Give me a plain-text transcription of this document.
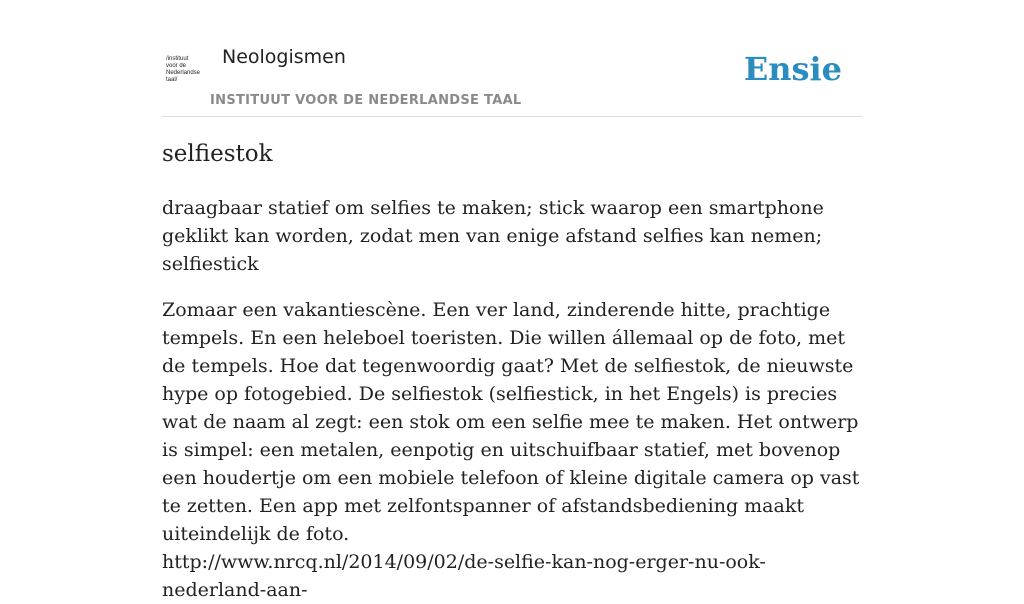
/instituut
voor de
Nederlandse
taal/
Neologismen
INSTITUUT VOOR DE NEDERLANDSE TAAL
Ensie
selfiestok

draagbaar statief om selfies te maken; stick waarop een smartphone geklikt kan worden, zodat men van enige afstand selfies kan nemen; selfiestick

Zomaar een vakantiescène. Een ver land, zinderende hitte, prachtige tempels. En een heleboel toeristen. Die willen állemaal op de foto, met de tempels. Hoe dat tegenwoordig gaat? Met de selfiestok, de nieuwste hype op fotogebied. De selfiestok (selfiestick, in het Engels) is precies wat de naam al zegt: een stok om een selfie mee te maken. Het ontwerp is simpel: een metalen, eenpotig en uitschuifbaar statief, met bovenop een houdertje om een mobiele telefoon of kleine digitale camera op vast te zetten. Een app met zelfontspanner of afstandsbediening maakt uiteindelijk de foto.
http://www.nrcq.nl/2014/09/02/de-selfie-kan-nog-erger-nu-ook-nederland-aan-
